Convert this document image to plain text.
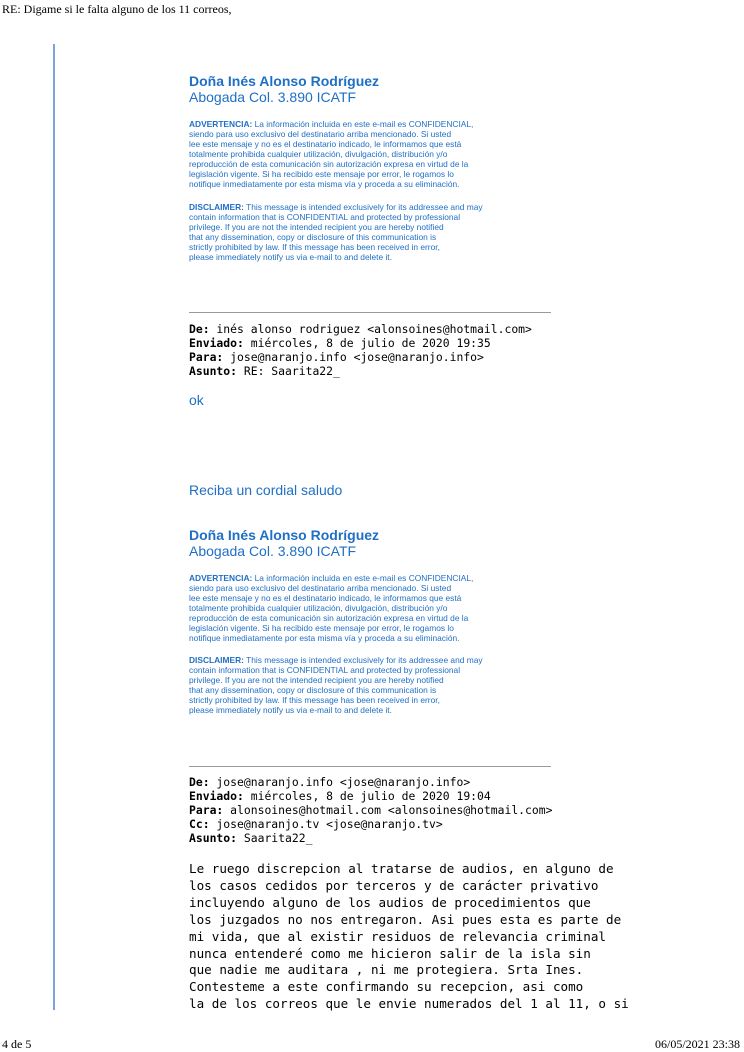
RE: Digame si le falta alguno de los 11 correos,
Doña Inés Alonso Rodríguez
Abogada Col. 3.890 ICATF
ADVERTENCIA: La información incluida en este e-mail es CONFIDENCIAL,
siendo para uso exclusivo del destinatario arriba mencionado. Si usted
lee este mensaje y no es el destinatario indicado, le informamos que está
totalmente prohibida cualquier utilización, divulgación, distribución y/o
reproducción de esta comunicación sin autorización expresa en virtud de la
legislación vigente. Si ha recibido este mensaje por error, le rogamos lo
notifique inmediatamente por esta misma vía y proceda a su eliminación.
DISCLAIMER: This message is intended exclusively for its addressee and may
contain information that is CONFIDENTIAL and protected by professional
privilege. If you are not the intended recipient you are hereby notified
that any dissemination, copy or disclosure of this communication is
strictly prohibited by law. If this message has been received in error,
please immediately notify us via e-mail to and delete it.
De: inés alonso rodriguez <alonsoines@hotmail.com>
Enviado: miércoles, 8 de julio de 2020 19:35
Para: jose@naranjo.info <jose@naranjo.info>
Asunto: RE: Saarita22_
ok
Reciba un cordial saludo
Doña Inés Alonso Rodríguez
Abogada Col. 3.890 ICATF
ADVERTENCIA: La información incluida en este e-mail es CONFIDENCIAL,
siendo para uso exclusivo del destinatario arriba mencionado. Si usted
lee este mensaje y no es el destinatario indicado, le informamos que está
totalmente prohibida cualquier utilización, divulgación, distribución y/o
reproducción de esta comunicación sin autorización expresa en virtud de la
legislación vigente. Si ha recibido este mensaje por error, le rogamos lo
notifique inmediatamente por esta misma vía y proceda a su eliminación.
DISCLAIMER: This message is intended exclusively for its addressee and may
contain information that is CONFIDENTIAL and protected by professional
privilege. If you are not the intended recipient you are hereby notified
that any dissemination, copy or disclosure of this communication is
strictly prohibited by law. If this message has been received in error,
please immediately notify us via e-mail to and delete it.
De: jose@naranjo.info <jose@naranjo.info>
Enviado: miércoles, 8 de julio de 2020 19:04
Para: alonsoines@hotmail.com <alonsoines@hotmail.com>
Cc: jose@naranjo.tv <jose@naranjo.tv>
Asunto: Saarita22_
Le ruego discrepcion al tratarse de audios, en alguno de
los casos cedidos por terceros y de carácter privativo
incluyendo alguno de los audios de procedimientos que
los juzgados no nos entregaron. Asi pues esta es parte de
mi vida, que al existir residuos de relevancia criminal
nunca entenderé como me hicieron salir de la isla sin
que nadie me auditara , ni me protegiera. Srta Ines.
Contesteme a este confirmando su recepcion, asi como
la de los correos que le envie numerados del 1 al 11, o si
4 de 5	06/05/2021 23:38
